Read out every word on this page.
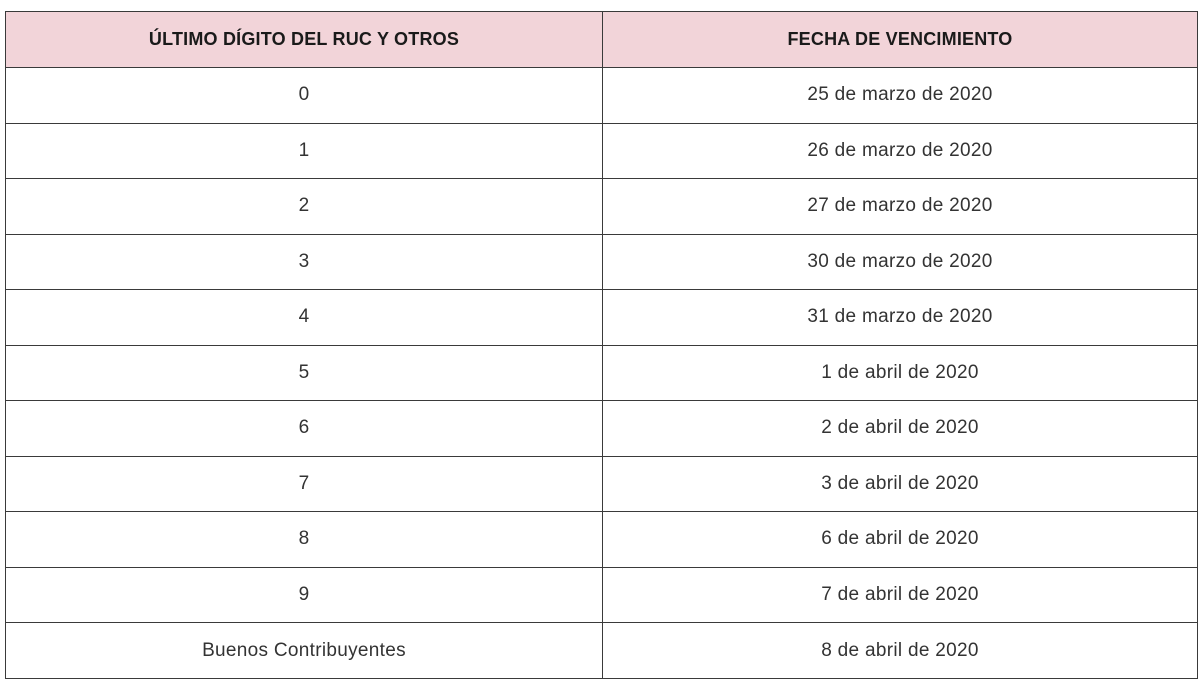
ÚLTIMO DÍGITO DEL RUC Y OTROS	FECHA DE VENCIMIENTO
0	25 de marzo de 2020
1	26 de marzo de 2020
2	27 de marzo de 2020
3	30 de marzo de 2020
4	31 de marzo de 2020
5	1 de abril de 2020
6	2 de abril de 2020
7	3 de abril de 2020
8	6 de abril de 2020
9	7 de abril de 2020
Buenos Contribuyentes	8 de abril de 2020
